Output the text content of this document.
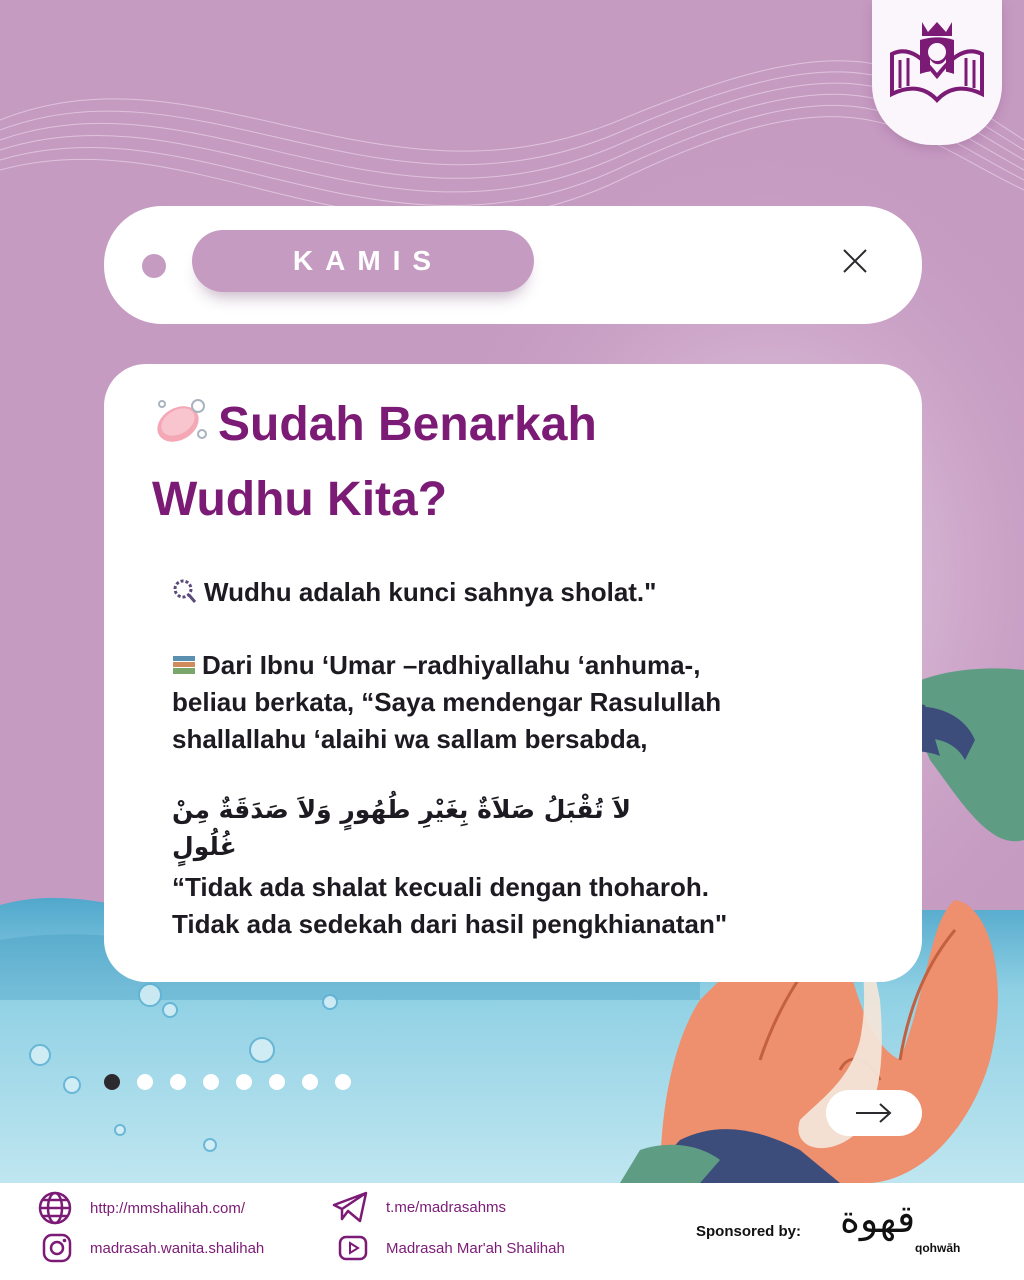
KAMIS
Sudah Benarkah
Wudhu Kita?
Wudhu adalah kunci sahnya sholat."
Dari Ibnu ‘Umar –radhiyallahu ‘anhuma-,
beliau berkata, “Saya mendengar Rasulullah
shallallahu ‘alaihi wa sallam bersabda,
لاَ تُقْبَلُ صَلاَةٌ بِغَيْرِ طُهُورٍ وَلاَ صَدَقَةٌ مِنْ غُلُولٍ
“Tidak ada shalat kecuali dengan thoharoh.
Tidak ada sedekah dari hasil pengkhianatan"
http://mmshalihah.com/
madrasah.wanita.shalihah
t.me/madrasahms
Madrasah Mar'ah Shalihah
Sponsored by: قهوة
qohwāh
